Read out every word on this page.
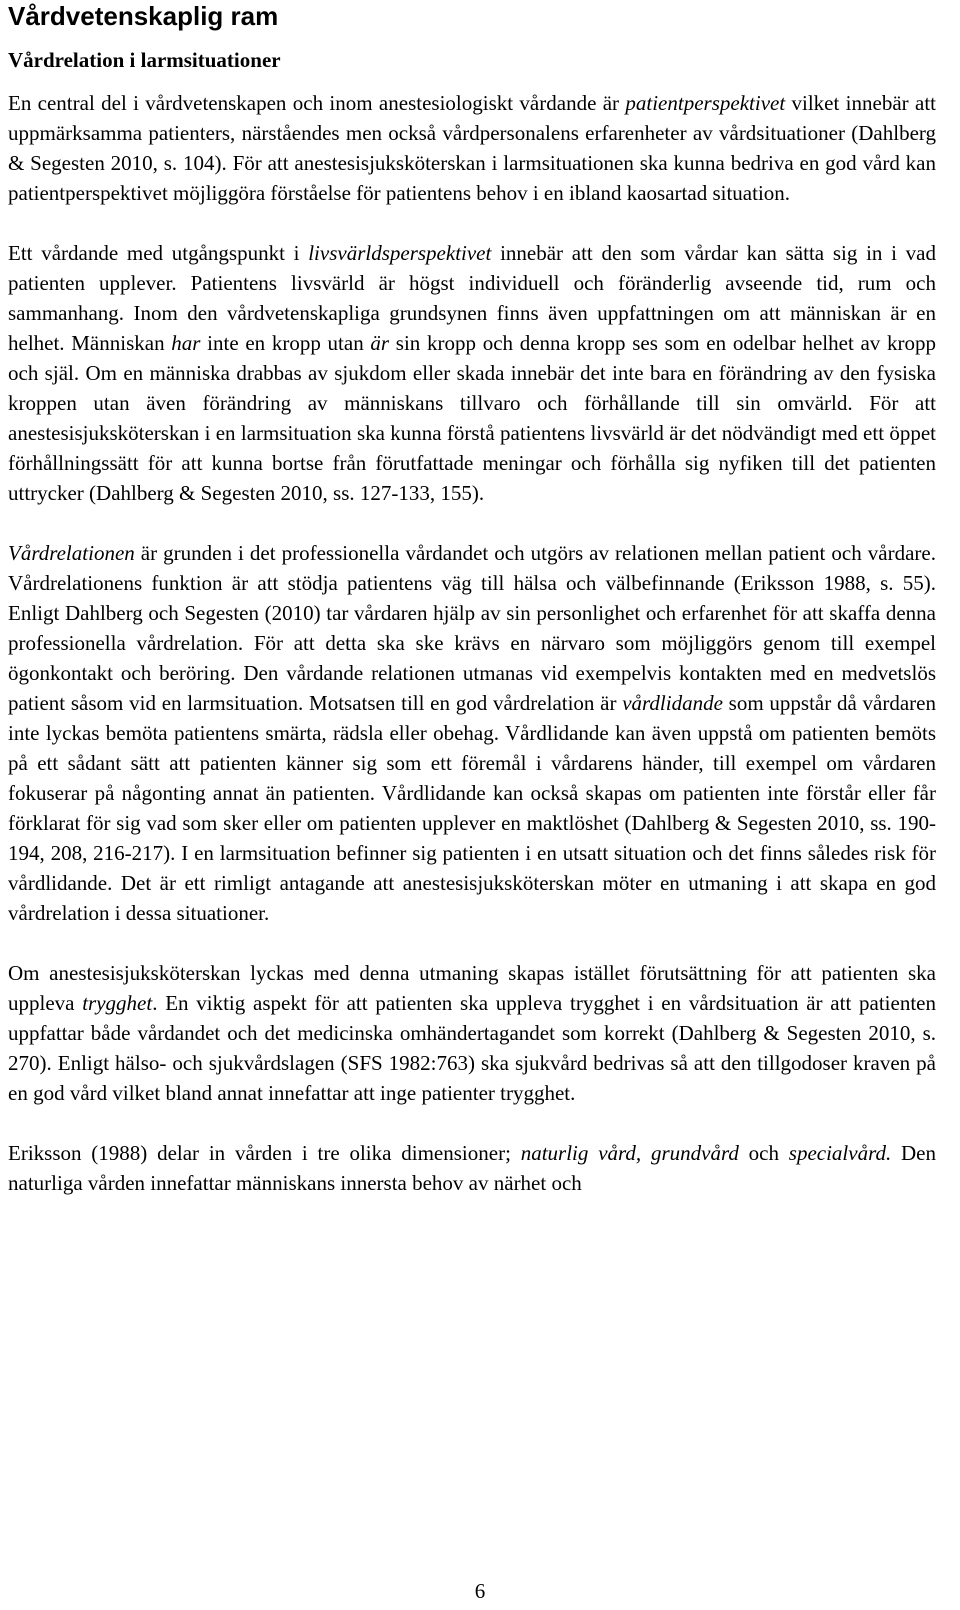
Vårdvetenskaplig ram
Vårdrelation i larmsituationer

En central del i vårdvetenskapen och inom anestesiologiskt vårdande är patientperspektivet vilket innebär att uppmärksamma patienters, närståendes men också vårdpersonalens erfarenheter av vårdsituationer (Dahlberg & Segesten 2010, s. 104). För att anestesisjuksköterskan i larmsituationen ska kunna bedriva en god vård kan patientperspektivet möjliggöra förståelse för patientens behov i en ibland kaosartad situation.

Ett vårdande med utgångspunkt i livsvärldsperspektivet innebär att den som vårdar kan sätta sig in i vad patienten upplever. Patientens livsvärld är högst individuell och föränderlig avseende tid, rum och sammanhang. Inom den vårdvetenskapliga grundsynen finns även uppfattningen om att människan är en helhet. Människan har inte en kropp utan är sin kropp och denna kropp ses som en odelbar helhet av kropp och själ. Om en människa drabbas av sjukdom eller skada innebär det inte bara en förändring av den fysiska kroppen utan även förändring av människans tillvaro och förhållande till sin omvärld. För att anestesisjuksköterskan i en larmsituation ska kunna förstå patientens livsvärld är det nödvändigt med ett öppet förhållningssätt för att kunna bortse från förutfattade meningar och förhålla sig nyfiken till det patienten uttrycker (Dahlberg & Segesten 2010, ss. 127-133, 155).

Vårdrelationen är grunden i det professionella vårdandet och utgörs av relationen mellan patient och vårdare. Vårdrelationens funktion är att stödja patientens väg till hälsa och välbefinnande (Eriksson 1988, s. 55). Enligt Dahlberg och Segesten (2010) tar vårdaren hjälp av sin personlighet och erfarenhet för att skaffa denna professionella vårdrelation. För att detta ska ske krävs en närvaro som möjliggörs genom till exempel ögonkontakt och beröring. Den vårdande relationen utmanas vid exempelvis kontakten med en medvetslös patient såsom vid en larmsituation. Motsatsen till en god vårdrelation är vårdlidande som uppstår då vårdaren inte lyckas bemöta patientens smärta, rädsla eller obehag. Vårdlidande kan även uppstå om patienten bemöts på ett sådant sätt att patienten känner sig som ett föremål i vårdarens händer, till exempel om vårdaren fokuserar på någonting annat än patienten. Vårdlidande kan också skapas om patienten inte förstår eller får förklarat för sig vad som sker eller om patienten upplever en maktlöshet (Dahlberg & Segesten 2010, ss. 190-194, 208, 216-217). I en larmsituation befinner sig patienten i en utsatt situation och det finns således risk för vårdlidande. Det är ett rimligt antagande att anestesisjuksköterskan möter en utmaning i att skapa en god vårdrelation i dessa situationer.

Om anestesisjuksköterskan lyckas med denna utmaning skapas istället förutsättning för att patienten ska uppleva trygghet. En viktig aspekt för att patienten ska uppleva trygghet i en vårdsituation är att patienten uppfattar både vårdandet och det medicinska omhändertagandet som korrekt (Dahlberg & Segesten 2010, s. 270). Enligt hälso- och sjukvårdslagen (SFS 1982:763) ska sjukvård bedrivas så att den tillgodoser kraven på en god vård vilket bland annat innefattar att inge patienter trygghet.

Eriksson (1988) delar in vården i tre olika dimensioner; naturlig vård, grundvård och specialvård. Den naturliga vården innefattar människans innersta behov av närhet och

6
